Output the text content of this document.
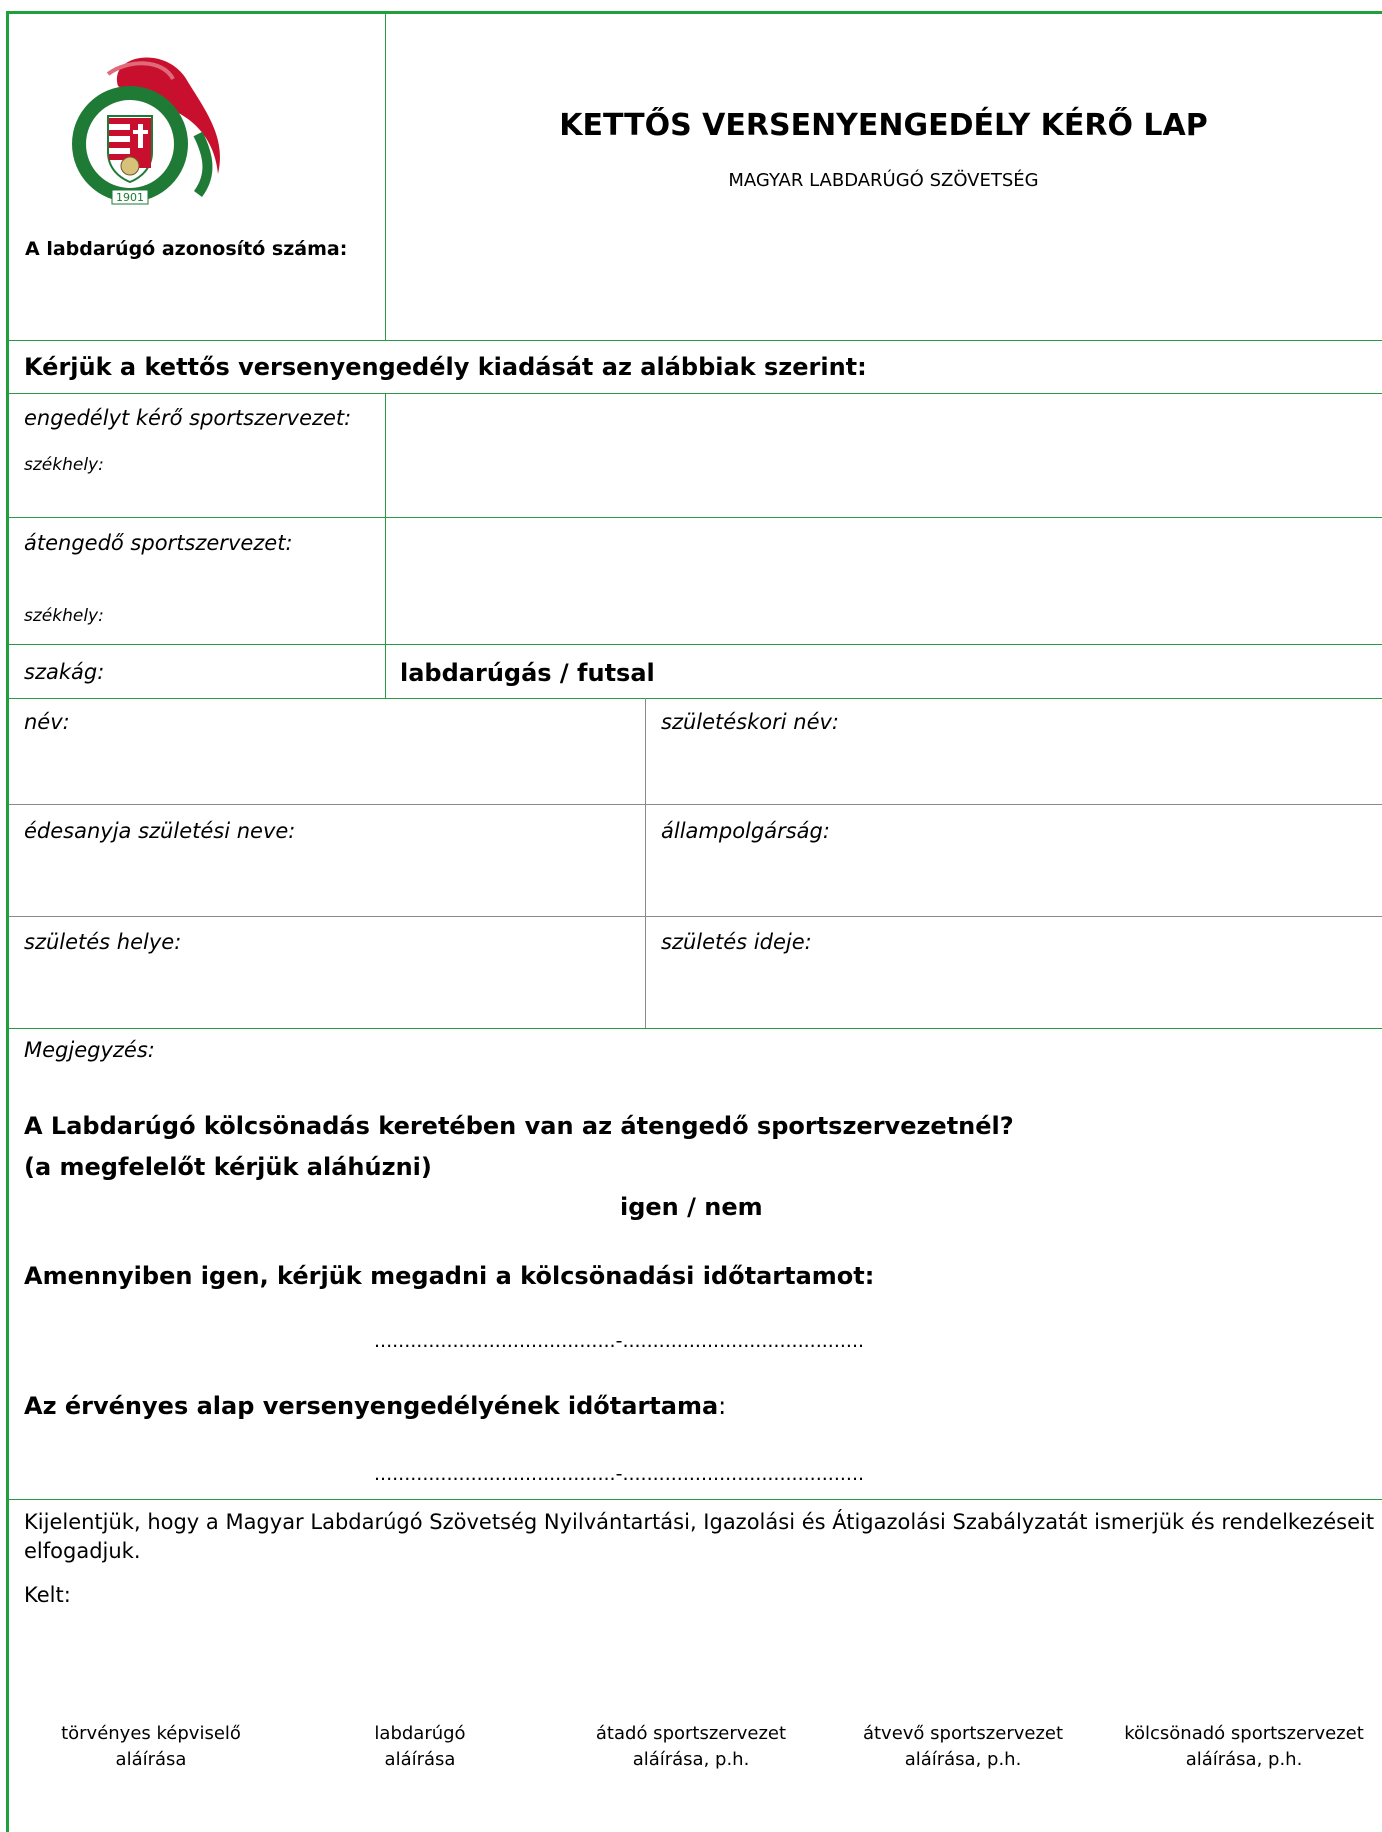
1901
A labdarúgó azonosító száma:
KETTŐS VERSENYENGEDÉLY KÉRŐ LAP
MAGYAR LABDARÚGÓ SZÖVETSÉG
Kérjük a kettős versenyengedély kiadását az alábbiak szerint:
engedélyt kérő sportszervezet:
székhely:
átengedő sportszervezet:
székhely:
szakág:	labdarúgás / futsal
név:	születéskori név:
édesanyja születési neve:	állampolgárság:
születés helye:	születés ideje:
Megjegyzés:
A Labdarúgó kölcsönadás keretében van az átengedő sportszervezetnél?
(a megfelelőt kérjük aláhúzni)
igen / nem
Amennyiben igen, kérjük megadni a kölcsönadási időtartamot:
........................................-........................................
Az érvényes alap versenyengedélyének időtartama:
........................................-........................................
Kijelentjük, hogy a Magyar Labdarúgó Szövetség Nyilvántartási, Igazolási és Átigazolási Szabályzatát ismerjük és rendelkezéseit
elfogadjuk.
Kelt:
törvényes képviselő
aláírása
labdarúgó
aláírása
átadó sportszervezet
aláírása, p.h.
átvevő sportszervezet
aláírása, p.h.
kölcsönadó sportszervezet
aláírása, p.h.
